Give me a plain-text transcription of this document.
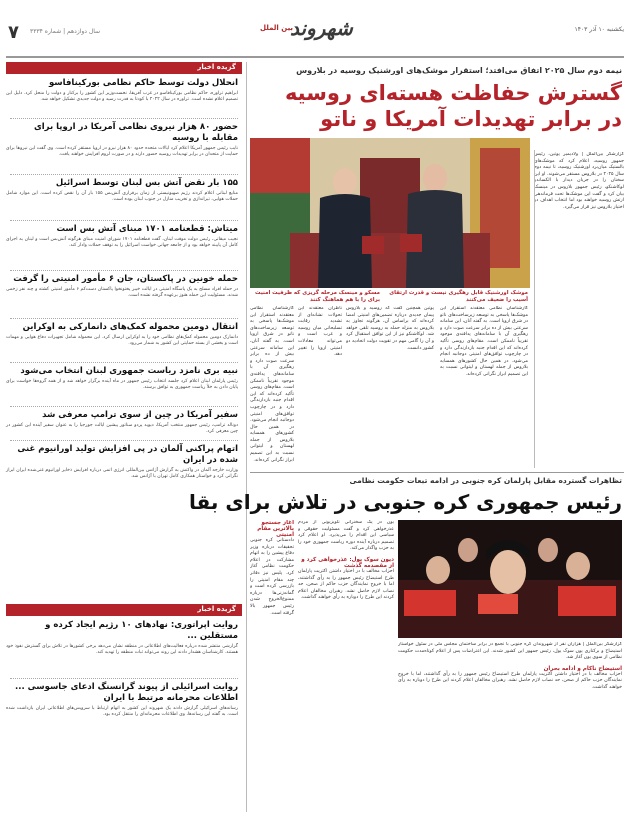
۷ سال دوازدهم | شماره ۳۳۳۴	بین الملل
شهروند	یکشنبه ۱۰ آذر ۱۴۰۳
گزیده اخبار
انحلال دولت توسط حاکم نظامی بورکینافاسو

ابراهیم تراوره، حاکم نظامی بورکینافاسو در غرب آفریقا، نخست‌وزیر این کشور را برکنار و دولت را منحل کرد. دلیل این تصمیم اعلام نشده است. تراوره در سال ۲۰۲۲ با کودتا به قدرت رسید و دولت جدیدی تشکیل خواهد شد.

حضور ۸۰ هزار نیروی نظامی آمریکا در اروپا برای مقابله با روسیه

نایب رئیس جمهور آمریکا اعلام کرد ایالات متحده حدود ۸۰ هزار نیرو در اروپا مستقر کرده است. وی گفت این نیروها برای حمایت از متحدان در برابر تهدیدات روسیه حضور دارند و در صورت لزوم افزایش خواهند یافت.

۱۵۵ بار نقض آتش بس لبنان توسط اسرائیل

منابع لبنانی اعلام کردند رژیم صهیونیستی از زمان برقراری آتش‌بس ۱۵۵ بار آن را نقض کرده است. این موارد شامل حملات هوایی، تیراندازی و تخریب منازل در جنوب لبنان بوده است.

میتاش: قطعنامه ۱۷۰۱ مبنای آتش بس است

نجیب میقاتی، رئیس دولت موقت لبنان، گفت قطعنامه ۱۷۰۱ شورای امنیت مبنای هرگونه آتش‌بس است و لبنان به اجرای کامل آن پایبند خواهد بود و از جامعه جهانی خواست اسرائیل را به توقف حملات وادار کند.

حمله خونین در پاکستان، جان ۶ مأمور امنیتی را گرفت

در حمله افراد مسلح به یک پاسگاه امنیتی در ایالت خیبر پختونخوا پاکستان دست‌کم ۶ مأمور امنیتی کشته و چند نفر زخمی شدند. مسئولیت این حمله هنوز برعهده گرفته نشده است.

انتقال دومین محموله کمک‌های دانمارکی به اوکراین

دانمارک دومین محموله کمک‌های نظامی خود را به اوکراین ارسال کرد. این محموله شامل تجهیزات دفاع هوایی و مهمات است و بخشی از بسته حمایتی این کشور به شمار می‌رود.

نبیه بری نامزد ریاست جمهوری لبنان انتخاب می‌شود

رئیس پارلمان لبنان اعلام کرد جلسه انتخاب رئیس جمهور در ماه آینده برگزار خواهد شد و از همه گروه‌ها خواست برای پایان دادن به خلأ ریاست جمهوری به توافق برسند.

سفیر آمریکا در چین از سوی ترامپ معرفی شد

دونالد ترامپ، رئیس جمهور منتخب آمریکا، دیوید پردو سناتور پیشین ایالت جورجیا را به عنوان سفیر آینده این کشور در چین معرفی کرد.

اتهام پراکنی آلمان در پی افزایش تولید اورانیوم غنی شده در ایران

وزارت خارجه آلمان در واکنش به گزارش آژانس بین‌المللی انرژی اتمی درباره افزایش ذخایر اورانیوم غنی‌شده ایران ابراز نگرانی کرد و خواستار همکاری کامل تهران با آژانس شد.

گزیده اخبار
روایت اپراتوری: نهادهای ۱۰ رژیم ایجاد کرده و مستقلین ...

گزارشی منتشر شده درباره فعالیت‌های اطلاعاتی در منطقه نشان می‌دهد برخی کشورها در تلاش برای گسترش نفوذ خود هستند. کارشناسان هشدار دادند این روند می‌تواند ثبات منطقه را تهدید کند.

روایت اسرائیلی از پیوند گرانسنگ ادعای جاسوسی ... اطلاعات محرمانه مرتبط با ایران

رسانه‌های اسرائیلی گزارش دادند یک شهروند این کشور به اتهام ارتباط با سرویس‌های اطلاعاتی ایران بازداشت شده است. به گفته این رسانه‌ها، وی اطلاعات محرمانه‌ای را منتقل کرده بود.

نیمه دوم سال ۲۰۲۵ اتفاق می‌افتد؛ استقرار موشک‌های اورشنیک روسیه در بلاروس
گسترش حفاظت هسته‌ای روسیه
در برابر تهدیدات آمریکا و ناتو
مسکو و مینسک مرحله گریزی که ظرفیت امنیت برای را با هم هماهنگ کنند
موشک اورشنیک قابل رهگیری نیست و قدرت ارتقای آسیب را ضعیف می‌کنند

گزارشگر بین‌الملل | ولادیمیر پوتین، رئیس جمهور روسیه، اعلام کرد که موشک‌های بالستیک میان‌برد اورشنیک روسیه، تا نیمه دوم سال ۲۰۲۵ در بلاروس مستقر می‌شوند. او این سخنان را در جریان دیدار با الکساندر لوکاشنکو، رئیس جمهور بلاروس در مینسک بیان کرد و گفت این موشک‌ها تحت فرماندهی ارتش روسیه خواهند بود اما انتخاب اهداف در اختیار بلاروس نیز قرار می‌گیرد.

کارشناسان نظامی معتقدند استقرار این موشک‌ها پاسخی به توسعه زیرساخت‌های ناتو در شرق اروپا است. به گفته آنان، این سامانه سرعتی بیش از ده برابر سرعت صوت دارد و رهگیری آن با سامانه‌های پدافندی موجود تقریباً ناممکن است. مقام‌های روسی تأکید کرده‌اند که این اقدام جنبه بازدارندگی دارد و در چارچوب توافق‌های امنیتی دوجانبه انجام می‌شود. در همین حال کشورهای همسایه بلاروس از جمله لهستان و لیتوانی نسبت به این تصمیم ابراز نگرانی کرده‌اند.

پوتین همچنین گفت که روسیه و بلاروس پیمان جدیدی درباره تضمین‌های امنیتی امضا کرده‌اند که براساس آن، هرگونه تجاوز به بلاروس به منزله حمله به روسیه تلقی خواهد شد. لوکاشنکو نیز از این توافق استقبال کرد و آن را گامی مهم در تقویت دولت اتحادیه دو کشور دانست.

ناظران معتقدند این تحولات نشانه‌ای از تشدید رقابت تسلیحاتی میان روسیه و غرب است و می‌تواند معادلات امنیتی اروپا را تغییر دهد.

کارشناسان نظامی معتقدند استقرار این موشک‌ها پاسخی به توسعه زیرساخت‌های ناتو در شرق اروپا است. به گفته آنان، این سامانه سرعتی بیش از ده برابر سرعت صوت دارد و رهگیری آن با سامانه‌های پدافندی موجود تقریباً ناممکن است. مقام‌های روسی تأکید کرده‌اند که این اقدام جنبه بازدارندگی دارد و در چارچوب توافق‌های امنیتی دوجانبه انجام می‌شود. در همین حال کشورهای همسایه بلاروس از جمله لهستان و لیتوانی نسبت به این تصمیم ابراز نگرانی کرده‌اند.

تظاهرات گسترده مقابل پارلمان کره جنوبی در ادامه تبعات حکومت نظامی
رئیس جمهوری کره جنوبی در تلاش برای بقا

گزارشگر بین‌الملل | هزاران نفر از شهروندان کره جنوبی با تجمع در برابر ساختمان مجلس ملی در سئول خواستار استیضاح و برکناری یون سوک یول، رئیس جمهور این کشور شدند. این اعتراضات پس از اعلام کوتاه‌مدت حکومت نظامی از سوی یون آغاز شد.

استیضاح ناکام و ادامه بحران

احزاب مخالف با در اختیار داشتن اکثریت پارلمان طرح استیضاح رئیس جمهور را به رأی گذاشتند، اما با خروج نمایندگان حزب حاکم از صحن، حد نصاب لازم حاصل نشد. رهبران مخالفان اعلام کردند این طرح را دوباره به رأی خواهند گذاشت.

یون در یک سخنرانی تلویزیونی از مردم عذرخواهی کرد و گفت مسئولیت حقوقی و سیاسی این اقدام را می‌پذیرد. او اعلام کرد تصمیم درباره آینده دوره ریاست جمهوری خود را به حزب واگذار می‌کند.

دیون سوک یول: عذرخواهی کرد و از مقصدمه گذشت

احزاب مخالف با در اختیار داشتن اکثریت پارلمان طرح استیضاح رئیس جمهور را به رأی گذاشتند، اما با خروج نمایندگان حزب حاکم از صحن، حد نصاب لازم حاصل نشد. رهبران مخالفان اعلام کردند این طرح را دوباره به رأی خواهند گذاشت.

آغاز جستجو بالاترین مقام امنیتی

دادستانی کره جنوبی تحقیقات درباره وزیر دفاع پیشین را به اتهام مشارکت در اعلام حکومت نظامی آغاز کرد. پلیس نیز دفاتر چند مقام امنیتی را بازرسی کرده است و گمانه‌زنی‌ها درباره ممنوع‌الخروج شدن رئیس جمهور بالا گرفته است.
